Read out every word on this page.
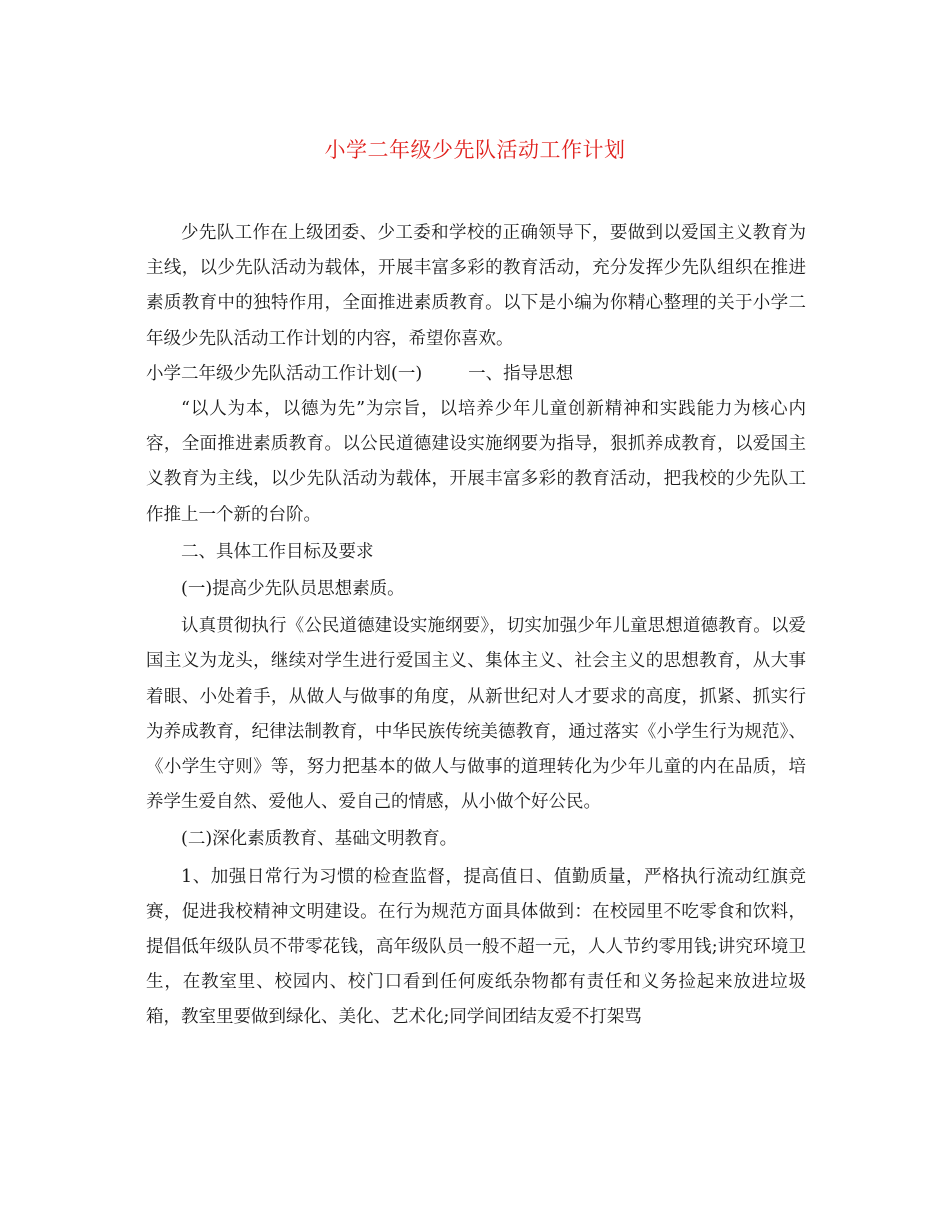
小学二年级少先队活动工作计划

少先队工作在上级团委、少工委和学校的正确领导下，要做到以爱国主义教育为主线，以少先队活动为载体，开展丰富多彩的教育活动，充分发挥少先队组织在推进素质教育中的独特作用，全面推进素质教育。以下是小编为你精心整理的关于小学二年级少先队活动工作计划的内容，希望你喜欢。

小学二年级少先队活动工作计划(一)	一、指导思想

“以人为本，以德为先”为宗旨，以培养少年儿童创新精神和实践能力为核心内容，全面推进素质教育。以公民道德建设实施纲要为指导，狠抓养成教育，以爱国主义教育为主线，以少先队活动为载体，开展丰富多彩的教育活动，把我校的少先队工作推上一个新的台阶。

二、具体工作目标及要求

(一)提高少先队员思想素质。

认真贯彻执行《公民道德建设实施纲要》，切实加强少年儿童思想道德教育。以爱国主义为龙头，继续对学生进行爱国主义、集体主义、社会主义的思想教育，从大事着眼、小处着手，从做人与做事的角度，从新世纪对人才要求的高度，抓紧、抓实行为养成教育，纪律法制教育，中华民族传统美德教育，通过落实《小学生行为规范》、《小学生守则》等，努力把基本的做人与做事的道理转化为少年儿童的内在品质，培养学生爱自然、爱他人、爱自己的情感，从小做个好公民。

(二)深化素质教育、基础文明教育。

1、加强日常行为习惯的检查监督，提高值日、值勤质量，严格执行流动红旗竞赛，促进我校精神文明建设。在行为规范方面具体做到：在校园里不吃零食和饮料，提倡低年级队员不带零花钱，高年级队员一般不超一元，人人节约零用钱;讲究环境卫生，在教室里、校园内、校门口看到任何废纸杂物都有责任和义务捡起来放进垃圾箱，教室里要做到绿化、美化、艺术化;同学间团结友爱不打架骂
